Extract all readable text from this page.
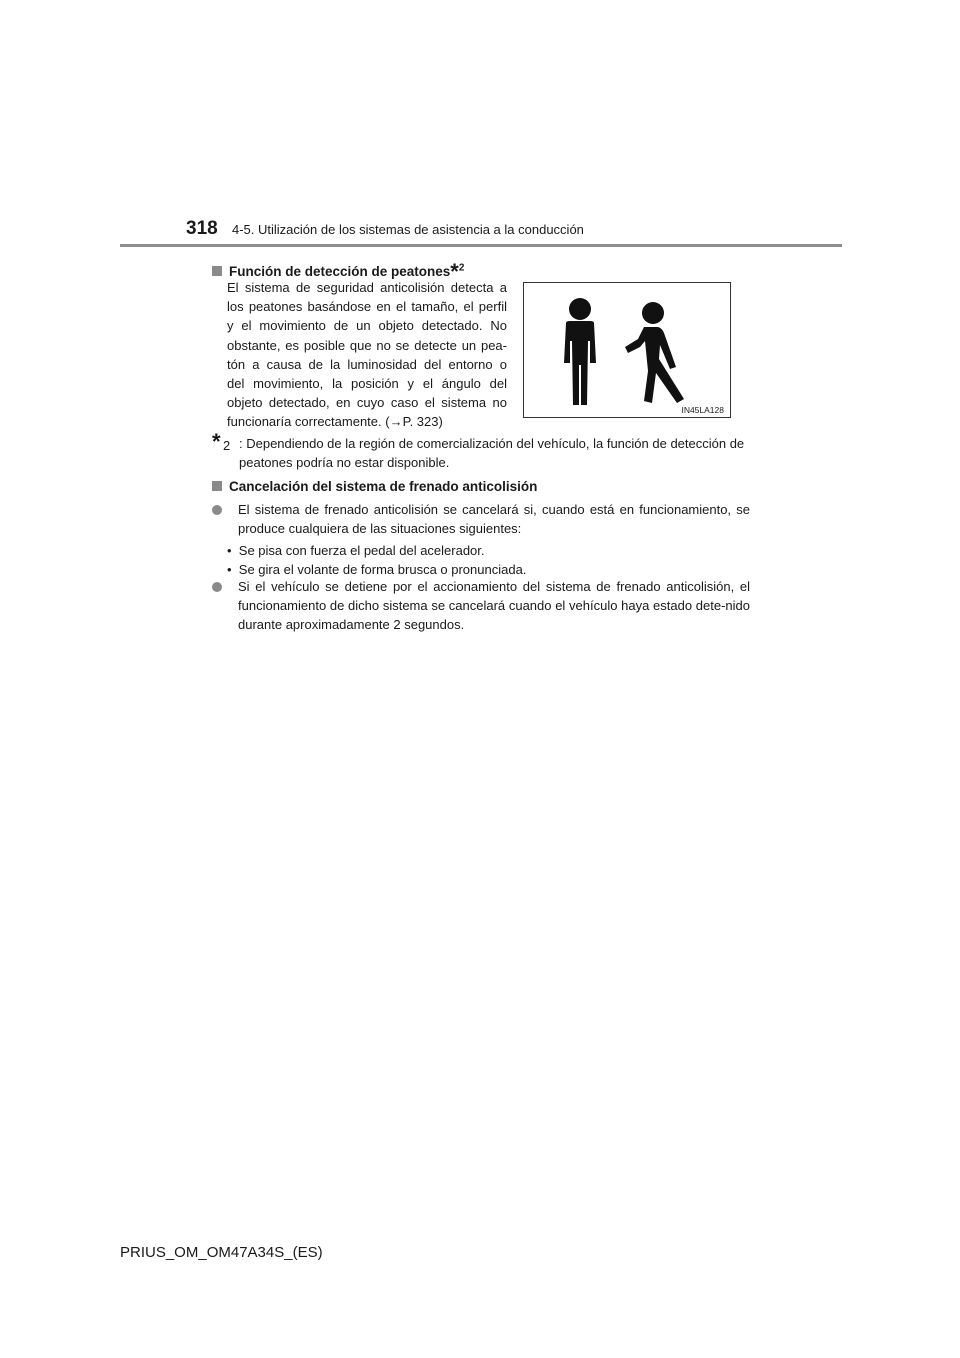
318 4-5. Utilización de los sistemas de asistencia a la conducción
Función de detección de peatones*$^2$
El sistema de seguridad anticolisión detecta a
los peatones basándose en el tamaño, el perfil
y el movimiento de un objeto detectado. No
obstante, es posible que no se detecte un pea-
tón a causa de la luminosidad del entorno o
del movimiento, la posición y el ángulo del
objeto detectado, en cuyo caso el sistema no
funcionaría correctamente. (→P. 323)
IN45LA128
* 2 : Dependiendo de la región de comercialización del vehículo, la función de detección de peatones podría no estar disponible.
Cancelación del sistema de frenado anticolisión
El sistema de frenado anticolisión se cancelará si, cuando está en funcionamiento, se produce cualquiera de las situaciones siguientes:
• Se pisa con fuerza el pedal del acelerador.
• Se gira el volante de forma brusca o pronunciada.
Si el vehículo se detiene por el accionamiento del sistema de frenado anticolisión, el funcionamiento de dicho sistema se cancelará cuando el vehículo haya estado dete-nido durante aproximadamente 2 segundos.
PRIUS_OM_OM47A34S_(ES)
